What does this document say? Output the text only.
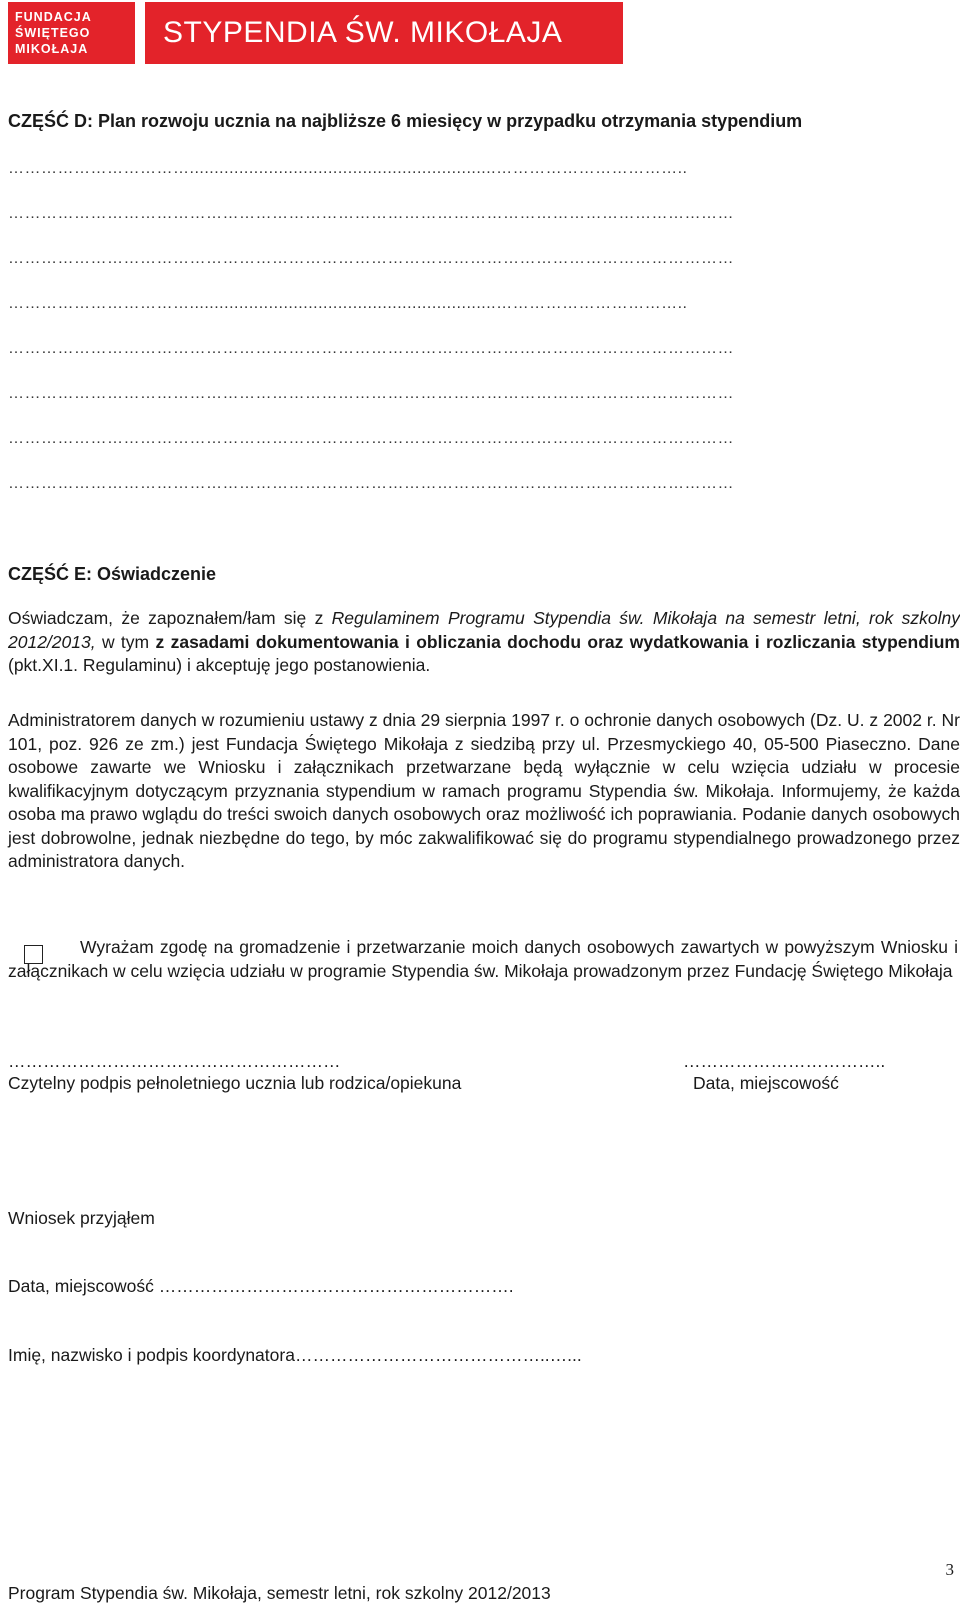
FUNDACJA
ŚWIĘTEGO
MIKOŁAJA	STYPENDIA ŚW. MIKOŁAJA
CZĘŚĆ D: Plan rozwoju ucznia na najbliższe 6 miesięcy w przypadku otrzymania stypendium
……………………………..............................................................……………………………..
……………………………………………………………………………………………………………………
……………………………………………………………………………………………………………………
……………………………..............................................................……………………………..
……………………………………………………………………………………………………………………
……………………………………………………………………………………………………………………
……………………………………………………………………………………………………………………
……………………………………………………………………………………………………………………
CZĘŚĆ E: Oświadczenie
Oświadczam, że zapoznałem/łam się z Regulaminem Programu Stypendia św. Mikołaja na semestr letni, rok szkolny 2012/2013, w tym z zasadami dokumentowania i obliczania dochodu oraz wydatkowania i rozliczania stypendium (pkt.XI.1. Regulaminu) i akceptuję jego postanowienia.
Administratorem danych w rozumieniu ustawy z dnia 29 sierpnia 1997 r. o ochronie danych osobowych (Dz. U. z 2002 r. Nr 101, poz. 926 ze zm.) jest Fundacja Świętego Mikołaja z siedzibą przy ul. Przesmyckiego 40, 05-500 Piaseczno. Dane osobowe zawarte we Wniosku i załącznikach przetwarzane będą wyłącznie w celu wzięcia udziału w procesie kwalifikacyjnym dotyczącym przyznania stypendium w ramach programu Stypendia św. Mikołaja. Informujemy, że każda osoba ma prawo wglądu do treści swoich danych osobowych oraz możliwość ich poprawiania. Podanie danych osobowych jest dobrowolne, jednak niezbędne do tego, by móc zakwalifikować się do programu stypendialnego prowadzonego przez administratora danych.
Wyrażam zgodę na gromadzenie i przetwarzanie moich danych osobowych zawartych w powyższym Wniosku i załącznikach w celu wzięcia udziału w programie Stypendia św. Mikołaja prowadzonym przez Fundację Świętego Mikołaja
…………………………………………………
Czytelny podpis pełnoletniego ucznia lub rodzica/opiekuna
……………………………..
Data, miejscowość
Wniosek przyjąłem
Data, miejscowość …………………………………………………….
Imię, nazwisko i podpis koordynatora……………………………………..…...
3
Program Stypendia św. Mikołaja, semestr letni, rok szkolny 2012/2013
